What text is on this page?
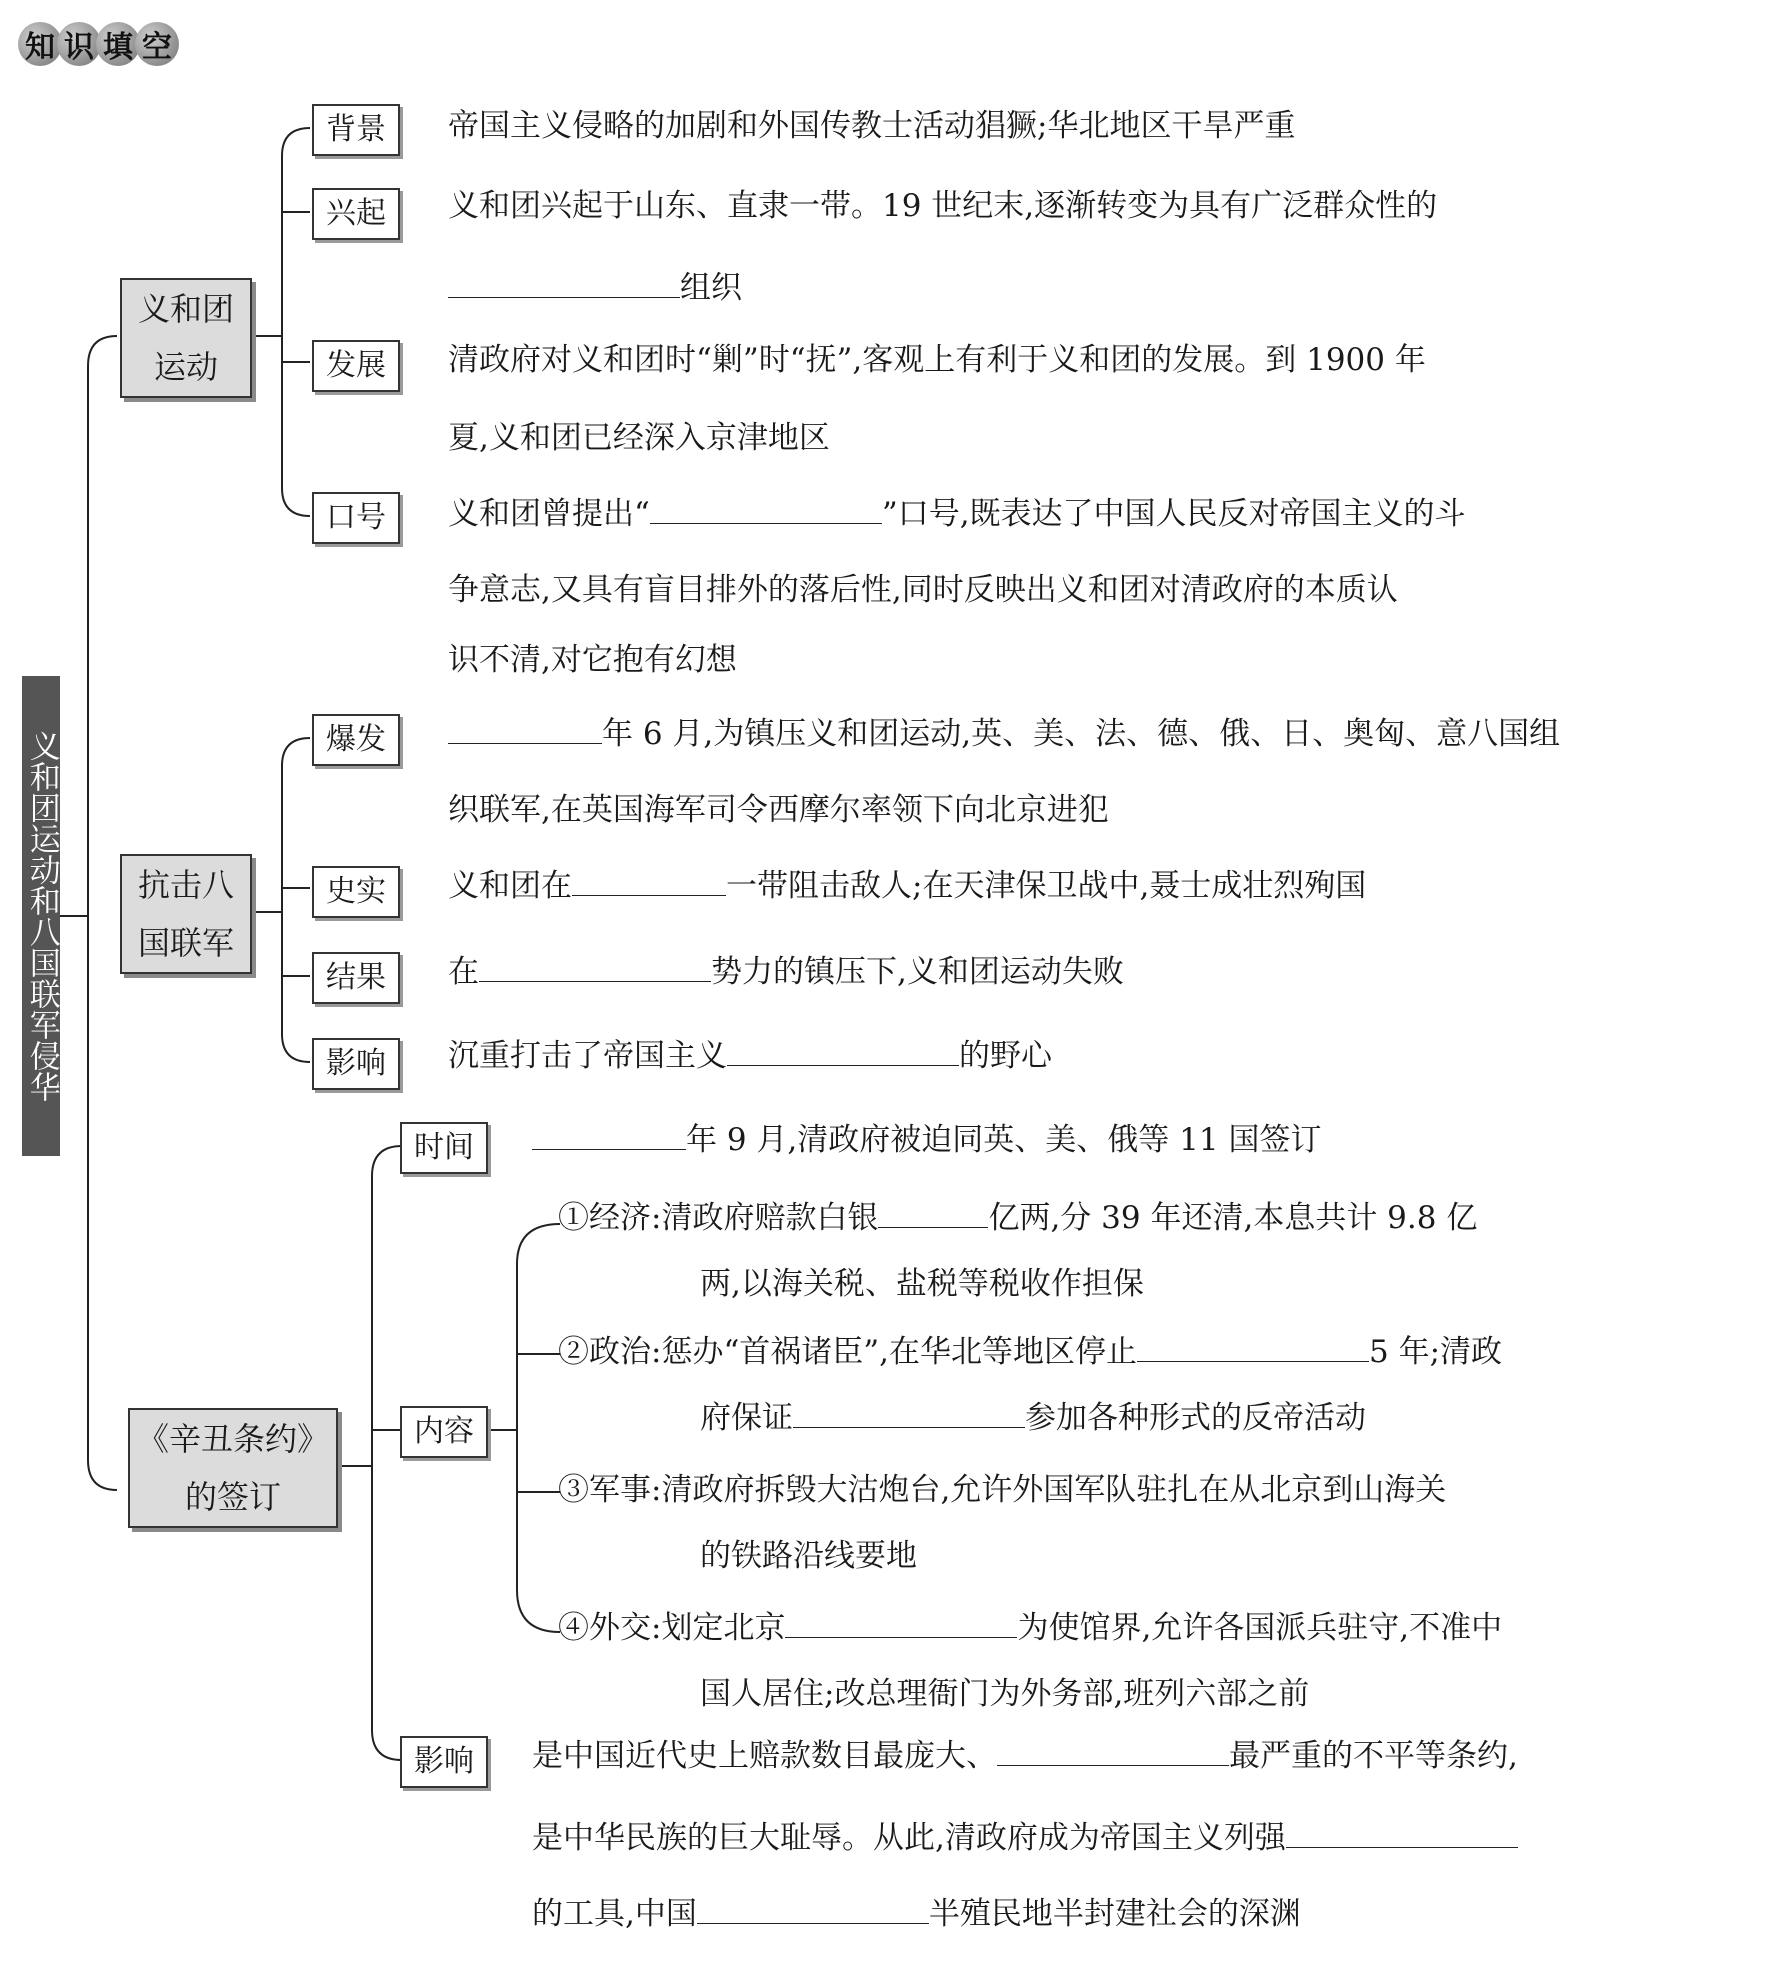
知 识 填 空
义和团运动和八国联军侵华
义和团
运动
背景	帝国主义侵略的加剧和外国传教士活动猖獗;华北地区干旱严重
兴起	义和团兴起于山东、直隶一带。19 世纪末,逐渐转变为具有广泛群众性的
组织
发展	清政府对义和团时“剿”时“抚”,客观上有利于义和团的发展。到 1900 年
夏,义和团已经深入京津地区
口号	义和团曾提出“	”口号,既表达了中国人民反对帝国主义的斗
争意志,又具有盲目排外的落后性,同时反映出义和团对清政府的本质认
识不清,对它抱有幻想
抗击八
国联军
爆发	年 6 月,为镇压义和团运动,英、美、法、德、俄、日、奥匈、意八国组
织联军,在英国海军司令西摩尔率领下向北京进犯
史实	义和团在	一带阻击敌人;在天津保卫战中,聂士成壮烈殉国
结果	在	势力的镇压下,义和团运动失败
影响	沉重打击了帝国主义	的野心
《辛丑条约》
的签订
时间	年 9 月,清政府被迫同英、美、俄等 11 国签订
内容
①经济:清政府赔款白银	亿两,分 39 年还清,本息共计 9.8 亿
两,以海关税、盐税等税收作担保
②政治:惩办“首祸诸臣”,在华北等地区停止	5 年;清政
府保证	参加各种形式的反帝活动
③军事:清政府拆毁大沽炮台,允许外国军队驻扎在从北京到山海关
的铁路沿线要地
④外交:划定北京	为使馆界,允许各国派兵驻守,不准中
国人居住;改总理衙门为外务部,班列六部之前
影响	是中国近代史上赔款数目最庞大、	最严重的不平等条约,
是中华民族的巨大耻辱。从此,清政府成为帝国主义列强
的工具,中国	半殖民地半封建社会的深渊
